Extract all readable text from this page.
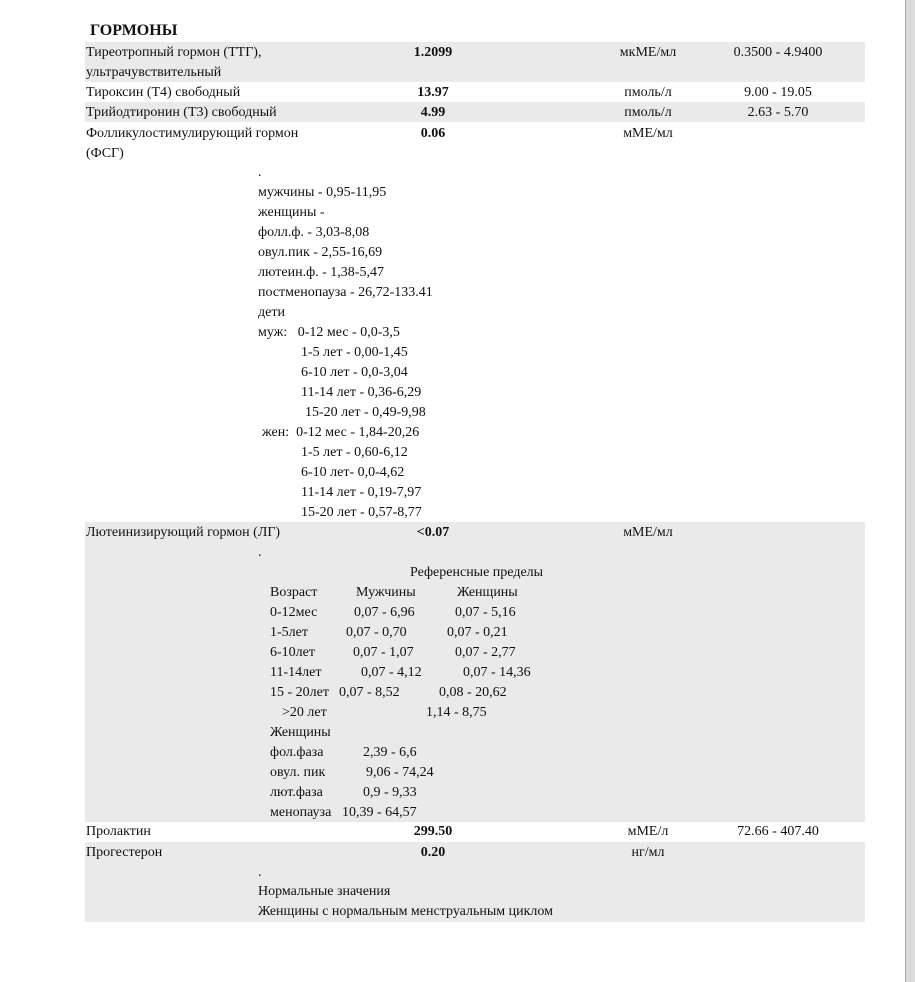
ГОРМОНЫ
Тиреотропный гормон (ТТГ),
ультрачувствительный
1.2099	мкМЕ/мл	0.3500 - 4.9400
Тироксин (Т4) свободный	13.97	пмоль/л	9.00 - 19.05
Трийодтиронин (Т3) свободный	4.99	пмоль/л	2.63 - 5.70
Фолликулостимулирующий гормон
(ФСГ)
0.06	мМЕ/мл
.
мужчины - 0,95-11,95
женщины -
фолл.ф. - 3,03-8,08
овул.пик - 2,55-16,69
лютеин.ф. - 1,38-5,47
постменопауза - 26,72-133.41
дети
муж:   0-12 мес - 0,0-3,5
1-5 лет - 0,00-1,45
6-10 лет - 0,0-3,04
11-14 лет - 0,36-6,29
15-20 лет - 0,49-9,98
жен:  0-12 мес - 1,84-20,26
1-5 лет - 0,60-6,12
6-10 лет- 0,0-4,62
11-14 лет - 0,19-7,97
15-20 лет - 0,57-8,77
Лютеинизирующий гормон (ЛГ)	<0.07	мМЕ/мл
.
Референсные пределы
Возраст	Мужчины	Женщины
0-12мес	0,07 - 6,96	0,07 - 5,16
1-5лет	0,07 - 0,70	0,07 - 0,21
6-10лет	0,07 - 1,07	0,07 - 2,77
11-14лет	0,07 - 4,12	0,07 - 14,36
15 - 20лет 0,07 - 8,52	0,08 - 20,62
>20 лет	1,14 - 8,75
Женщины
фол.фаза	2,39 - 6,6
овул. пик	9,06 - 74,24
лют.фаза	0,9 - 9,33
менопауза 10,39 - 64,57
Пролактин	299.50	мМЕ/л	72.66 - 407.40
Прогестерон	0.20	нг/мл
.
Нормальные значения
Женщины с нормальным менструальным циклом
